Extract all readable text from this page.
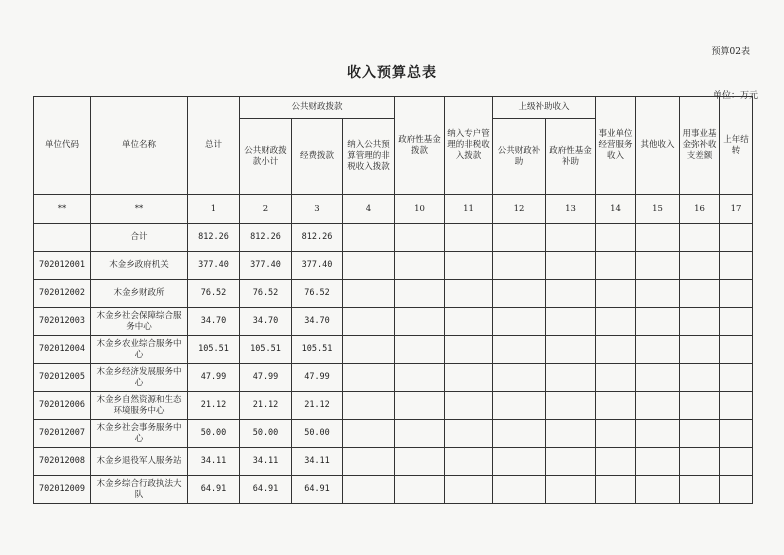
预算02表
收入预算总表
单位：万元
单位代码	单位名称	总计	公共财政拨款			政府性基金拨款	纳入专户管理的非税收入拨款	上级补助收入		事业单位经营服务收入	其他收入	用事业基金弥补收支差额	上年结转
			公共财政拨款小计	经费拨款	纳入公共预算管理的非税收入拨款			公共财政补助	政府性基金补助				
**	**	1	2	3	4	10	11	12	13	14	15	16	17
	合计	812.26	812.26	812.26									
702012001	木金乡政府机关	377.40	377.40	377.40									
702012002	木金乡财政所	76.52	76.52	76.52									
702012003	木金乡社会保障综合服务中心	34.70	34.70	34.70									
702012004	木金乡农业综合服务中心	105.51	105.51	105.51									
702012005	木金乡经济发展服务中心	47.99	47.99	47.99									
702012006	木金乡自然资源和生态环境服务中心	21.12	21.12	21.12									
702012007	木金乡社会事务服务中心	50.00	50.00	50.00									
702012008	木金乡退役军人服务站	34.11	34.11	34.11									
702012009	木金乡综合行政执法大队	64.91	64.91	64.91									
